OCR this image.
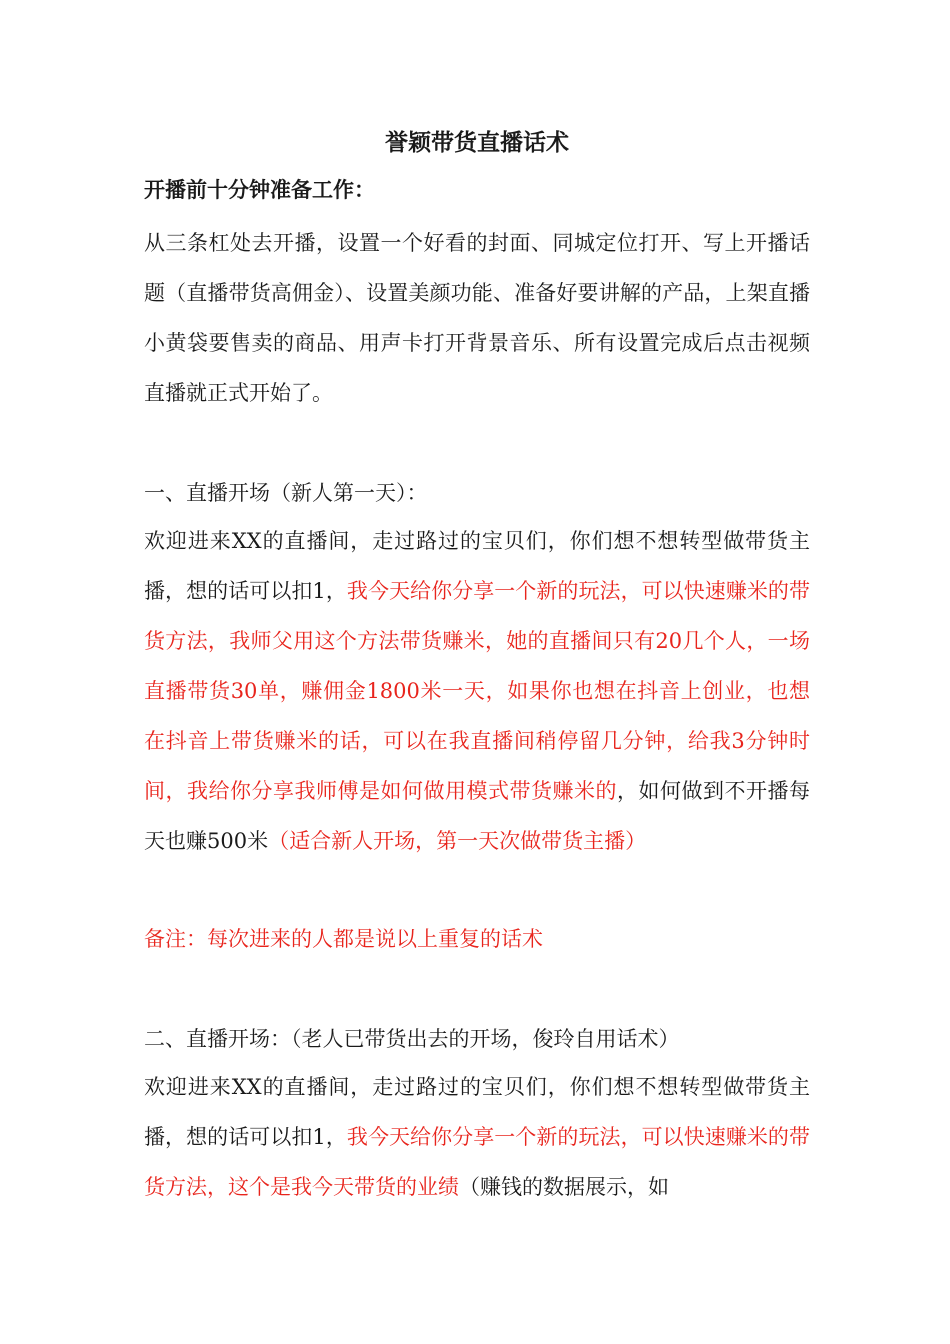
誉颖带货直播话术

开播前十分钟准备工作：

从三条杠处去开播，设置一个好看的封面、同城定位打开、写上开播话题（直播带货高佣金）、设置美颜功能、准备好要讲解的产品，上架直播小黄袋要售卖的商品、用声卡打开背景音乐、所有设置完成后点击视频直播就正式开始了。

一、直播开场（新人第一天）：

欢迎进来XX的直播间，走过路过的宝贝们，你们想不想转型做带货主播，想的话可以扣1，我今天给你分享一个新的玩法，可以快速赚米的带货方法，我师父用这个方法带货赚米，她的直播间只有20几个人，一场直播带货30单，赚佣金1800米一天，如果你也想在抖音上创业，也想在抖音上带货赚米的话，可以在我直播间稍停留几分钟，给我3分钟时间，我给你分享我师傅是如何做用模式带货赚米的，如何做到不开播每天也赚500米（适合新人开场，第一天次做带货主播）

备注：每次进来的人都是说以上重复的话术

二、直播开场：（老人已带货出去的开场，俊玲自用话术）

欢迎进来XX的直播间，走过路过的宝贝们，你们想不想转型做带货主播，想的话可以扣1，我今天给你分享一个新的玩法，可以快速赚米的带货方法，这个是我今天带货的业绩（赚钱的数据展示，如
